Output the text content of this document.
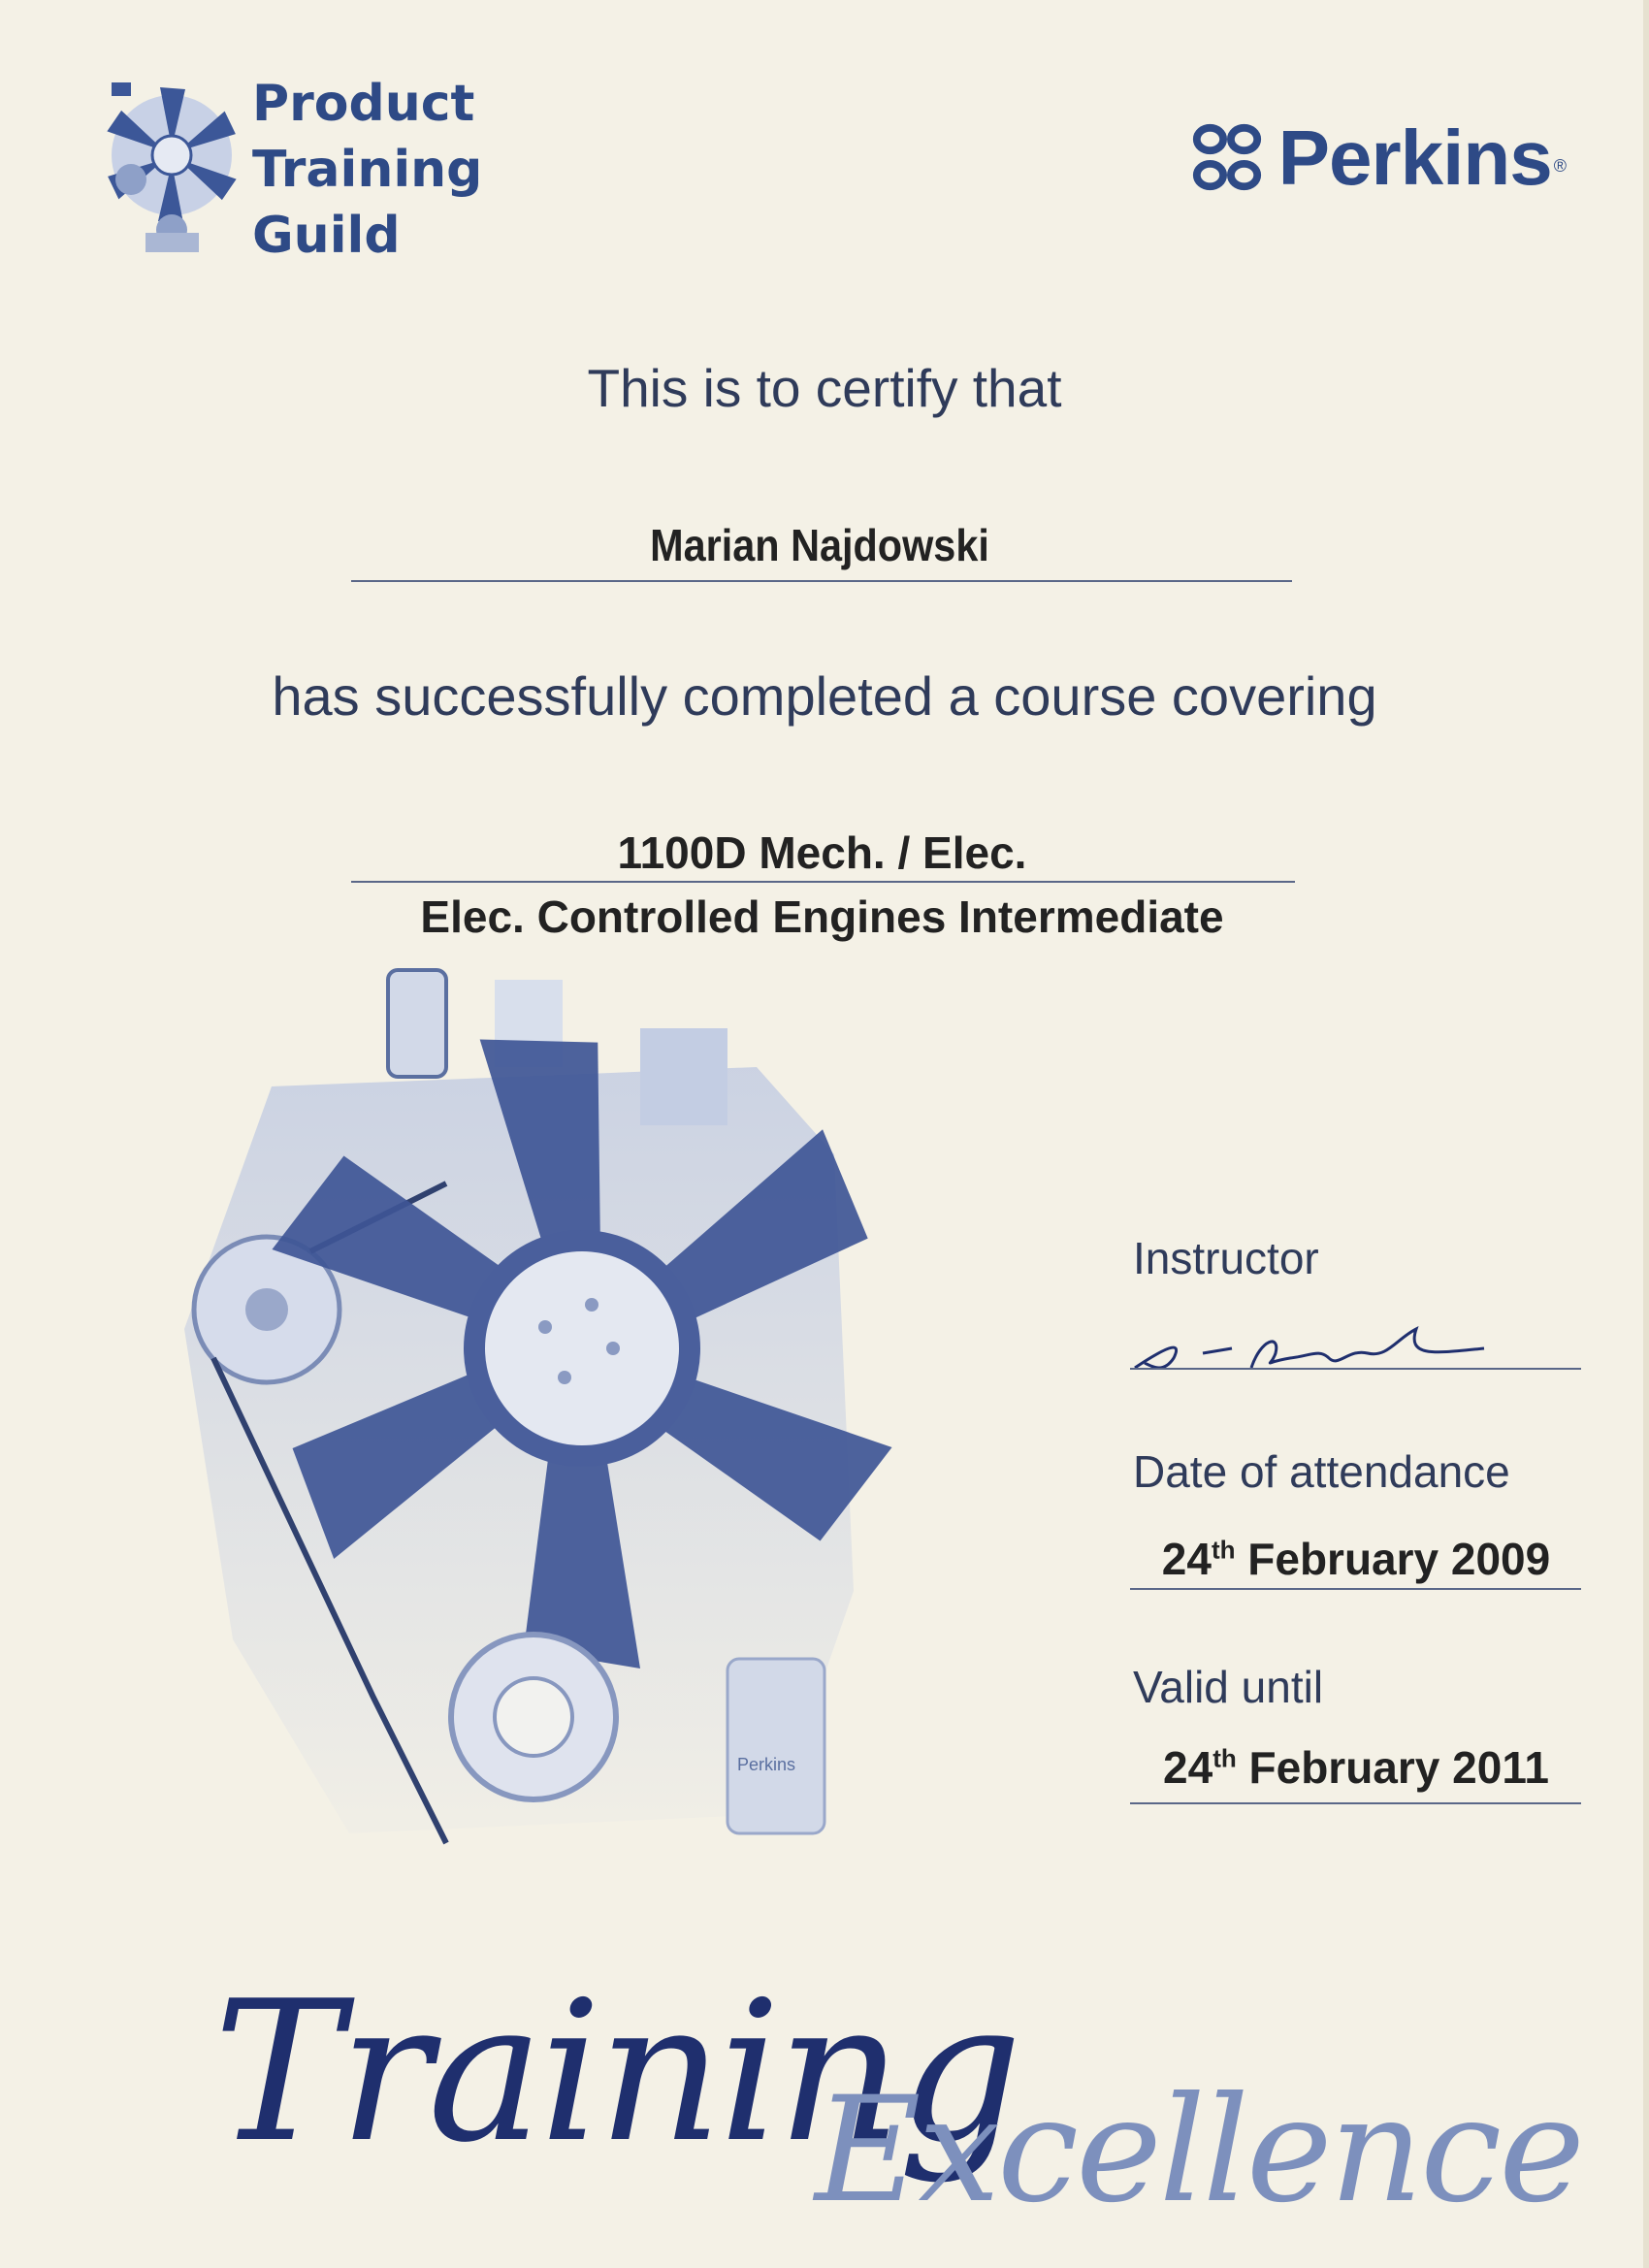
Product
Training
Guild
Perkins ®
This is to certify that
Marian Najdowski
has successfully completed a course covering
1100D Mech. / Elec.
Elec. Controlled Engines Intermediate
Perkins
Instructor
Date of attendance
24th February 2009
Valid until
24th February 2011
Training
Excellence
